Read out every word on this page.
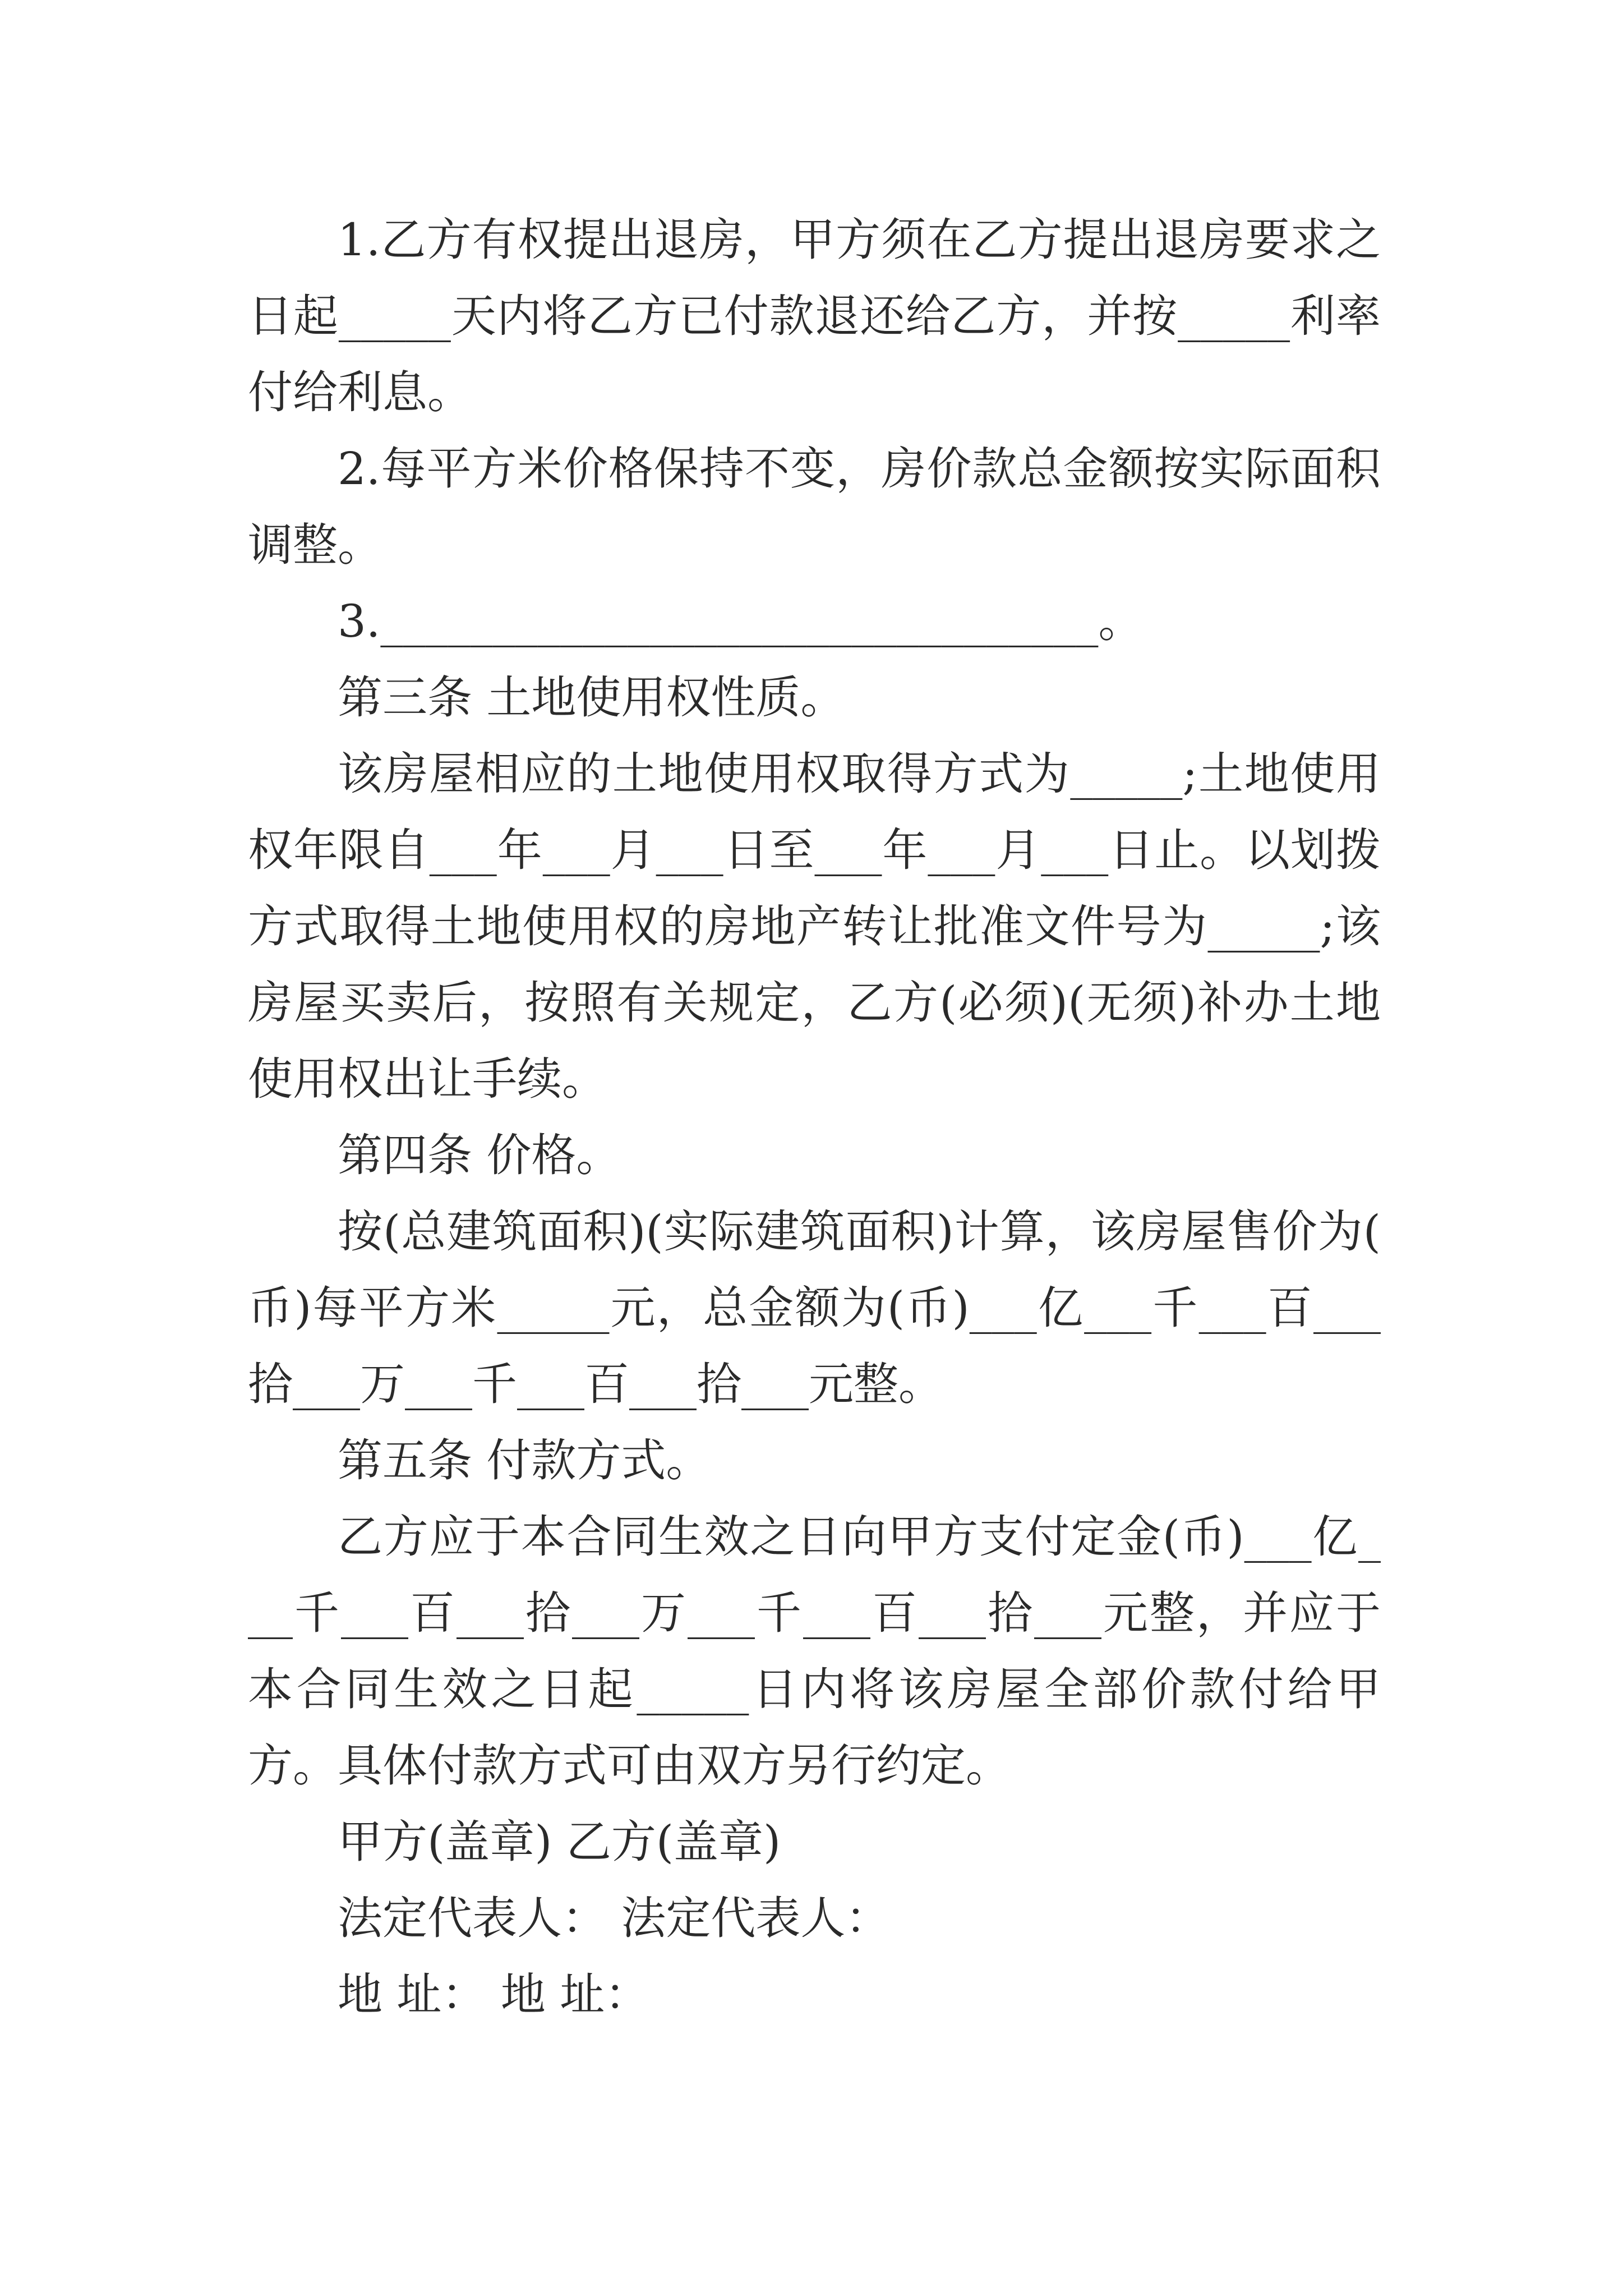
1.乙方有权提出退房，甲方须在乙方提出退房要求之日起_____天内将乙方已付款退还给乙方，并按_____利率付给利息。

2.每平方米价格保持不变，房价款总金额按实际面积调整。

3.________________________________。

第三条 土地使用权性质。

该房屋相应的土地使用权取得方式为_____;土地使用权年限自___年___月___日至___年___月___日止。以划拨方式取得土地使用权的房地产转让批准文件号为_____;该房屋买卖后，按照有关规定，乙方(必须)(无须)补办土地使用权出让手续。

第四条 价格。

按(总建筑面积)(实际建筑面积)计算，该房屋售价为( 币)每平方米_____元，总金额为(币)___亿___千___百___拾___万___千___百___拾___元整。

第五条 付款方式。

乙方应于本合同生效之日向甲方支付定金(币)___亿___千___百___拾___万___千___百___拾___元整，并应于本合同生效之日起_____日内将该房屋全部价款付给甲方。具体付款方式可由双方另行约定。

甲方(盖章) 乙方(盖章)

法定代表人： 法定代表人：

地 址： 地 址：
